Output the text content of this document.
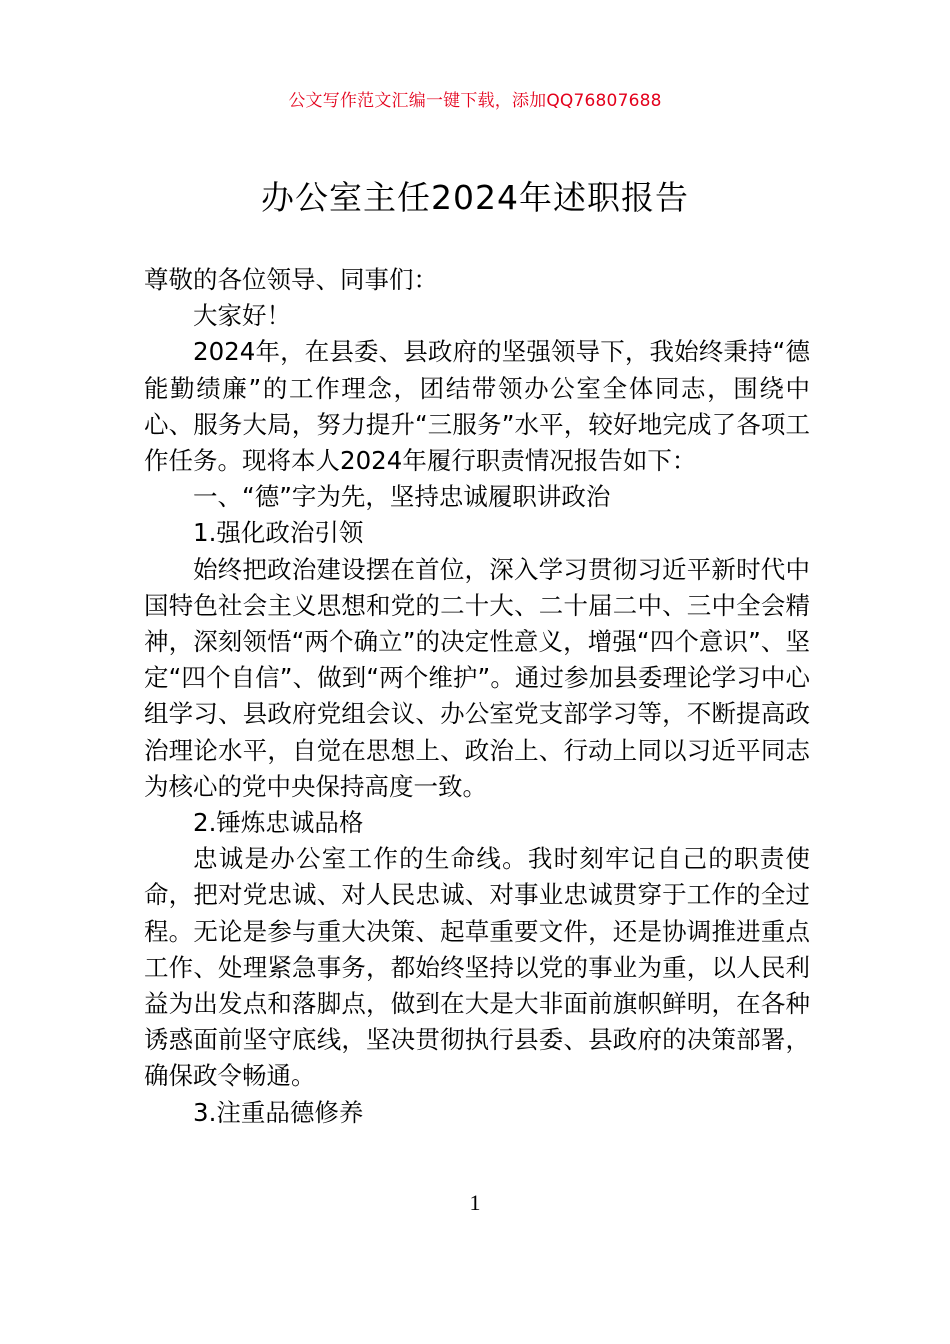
公文写作范文汇编一键下载，添加QQ76807688
办公室主任2024年述职报告

尊敬的各位领导、同事们：

大家好！

2024年，在县委、县政府的坚强领导下，我始终秉持“德能勤绩廉”的工作理念，团结带领办公室全体同志，围绕中心、服务大局，努力提升“三服务”水平，较好地完成了各项工作任务。现将本人2024年履行职责情况报告如下：

一、“德”字为先，坚持忠诚履职讲政治

1.强化政治引领

始终把政治建设摆在首位，深入学习贯彻习近平新时代中国特色社会主义思想和党的二十大、二十届二中、三中全会精神，深刻领悟“两个确立”的决定性意义，增强“四个意识”、坚定“四个自信”、做到“两个维护”。通过参加县委理论学习中心组学习、县政府党组会议、办公室党支部学习等，不断提高政治理论水平，自觉在思想上、政治上、行动上同以习近平同志为核心的党中央保持高度一致。

2.锤炼忠诚品格

忠诚是办公室工作的生命线。我时刻牢记自己的职责使命，把对党忠诚、对人民忠诚、对事业忠诚贯穿于工作的全过程。无论是参与重大决策、起草重要文件，还是协调推进重点工作、处理紧急事务，都始终坚持以党的事业为重，以人民利益为出发点和落脚点，做到在大是大非面前旗帜鲜明，在各种诱惑面前坚守底线，坚决贯彻执行县委、县政府的决策部署，确保政令畅通。

3.注重品德修养

1
